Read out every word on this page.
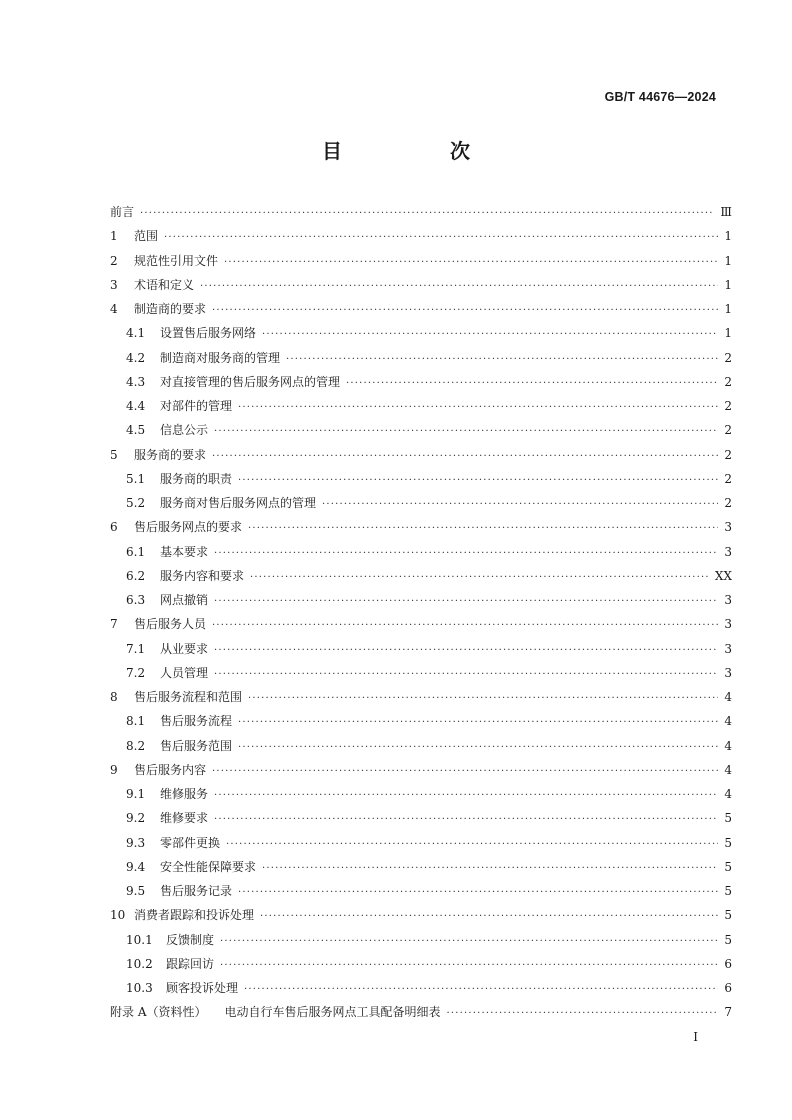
GB/T 44676—2024
目　次
前言 ·····	Ⅲ
1	范围 ·····	1
2	规范性引用文件 ·····	1
3	术语和定义 ·····	1
4	制造商的要求 ·····	1
4.1	设置售后服务网络 ·····	1
4.2	制造商对服务商的管理 ·····	2
4.3	对直接管理的售后服务网点的管理 ·····	2
4.4	对部件的管理 ·····	2
4.5	信息公示 ·····	2
5	服务商的要求 ·····	2
5.1	服务商的职责 ·····	2
5.2	服务商对售后服务网点的管理 ·····	2
6	售后服务网点的要求 ·····	3
6.1	基本要求 ·····	3
6.2	服务内容和要求 ·····	XX
6.3	网点撤销 ·····	3
7	售后服务人员 ·····	3
7.1	从业要求 ·····	3
7.2	人员管理 ·····	3
8	售后服务流程和范围 ·····	4
8.1	售后服务流程 ·····	4
8.2	售后服务范围 ·····	4
9	售后服务内容 ·····	4
9.1	维修服务 ·····	4
9.2	维修要求 ·····	5
9.3	零部件更换 ·····	5
9.4	安全性能保障要求 ·····	5
9.5	售后服务记录 ·····	5
10 消费者跟踪和投诉处理 ·····	5
10.1	反馈制度 ·····	5
10.2	跟踪回访 ·····	6
10.3	顾客投诉处理 ·····	6
附录 A（资料性）	电动自行车售后服务网点工具配备明细表 ·····	7
I
